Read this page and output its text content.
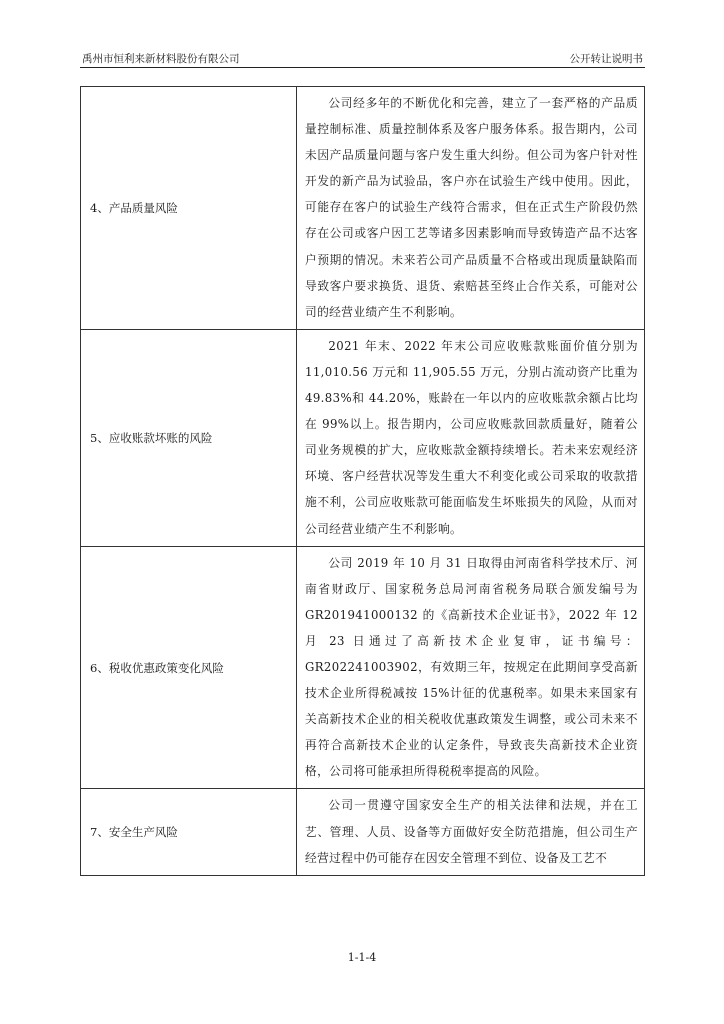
禹州市恒利来新材料股份有限公司	公开转让说明书
4、产品质量风险	公司经多年的不断优化和完善，建立了一套严格的产品质量控制标准、质量控制体系及客户服务体系。报告期内，公司未因产品质量问题与客户发生重大纠纷。但公司为客户针对性开发的新产品为试验品，客户亦在试验生产线中使用。因此，可能存在客户的试验生产线符合需求，但在正式生产阶段仍然存在公司或客户因工艺等诸多因素影响而导致铸造产品不达客户预期的情况。未来若公司产品质量不合格或出现质量缺陷而导致客户要求换货、退货、索赔甚至终止合作关系，可能对公司的经营业绩产生不利影响。
5、应收账款坏账的风险	2021 年末、2022 年末公司应收账款账面价值分别为 11,010.56 万元和 11,905.55 万元，分别占流动资产比重为 49.83%和 44.20%，账龄在一年以内的应收账款余额占比均在 99%以上。报告期内，公司应收账款回款质量好，随着公司业务规模的扩大，应收账款金额持续增长。若未来宏观经济环境、客户经营状况等发生重大不利变化或公司采取的收款措施不利，公司应收账款可能面临发生坏账损失的风险，从而对公司经营业绩产生不利影响。
6、税收优惠政策变化风险	公司 2019 年 10 月 31 日取得由河南省科学技术厅、河南省财政厅、国家税务总局河南省税务局联合颁发编号为 GR201941000132 的《高新技术企业证书》，2022 年 12 月 23 日通过了高新技术企业复审，证书编号：GR202241003902，有效期三年，按规定在此期间享受高新技术企业所得税减按 15%计征的优惠税率。如果未来国家有关高新技术企业的相关税收优惠政策发生调整，或公司未来不再符合高新技术企业的认定条件，导致丧失高新技术企业资格，公司将可能承担所得税税率提高的风险。
7、安全生产风险	公司一贯遵守国家安全生产的相关法律和法规，并在工艺、管理、人员、设备等方面做好安全防范措施，但公司生产经营过程中仍可能存在因安全管理不到位、设备及工艺不
1-1-4
